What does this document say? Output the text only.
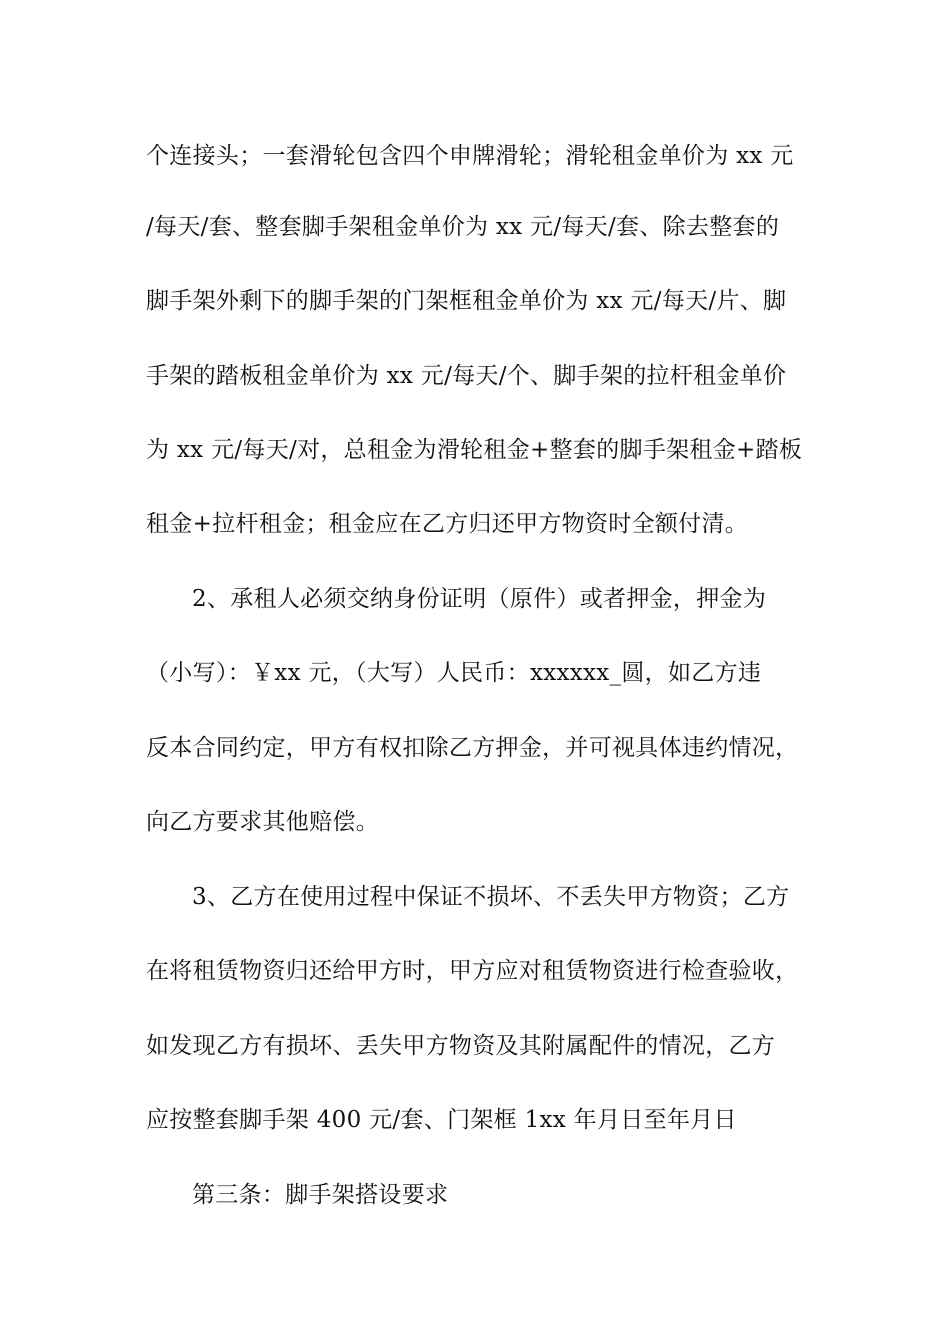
个连接头；一套滑轮包含四个申牌滑轮；滑轮租金单价为 xx 元
/每天/套、整套脚手架租金单价为 xx 元/每天/套、除去整套的
脚手架外剩下的脚手架的门架框租金单价为 xx 元/每天/片、脚
手架的踏板租金单价为 xx 元/每天/个、脚手架的拉杆租金单价
为 xx 元/每天/对，总租金为滑轮租金+整套的脚手架租金+踏板
租金+拉杆租金；租金应在乙方归还甲方物资时全额付清。
2、承租人必须交纳身份证明（原件）或者押金，押金为
（小写）：￥xx 元，（大写）人民币：xxxxxx_圆，如乙方违
反本合同约定，甲方有权扣除乙方押金，并可视具体违约情况，
向乙方要求其他赔偿。
3、乙方在使用过程中保证不损坏、不丢失甲方物资；乙方
在将租赁物资归还给甲方时，甲方应对租赁物资进行检查验收，
如发现乙方有损坏、丢失甲方物资及其附属配件的情况，乙方
应按整套脚手架 400 元/套、门架框 1xx 年月日至年月日
第三条：脚手架搭设要求
